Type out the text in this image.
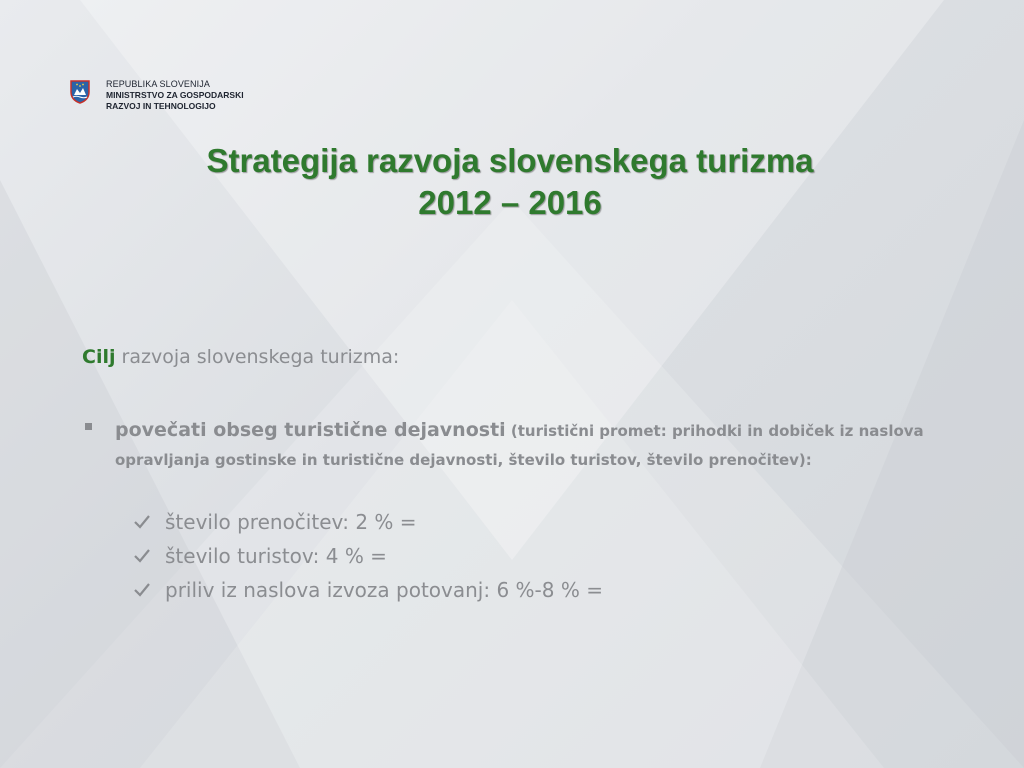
REPUBLIKA SLOVENIJA
MINISTRSTVO ZA GOSPODARSKI
RAZVOJ IN TEHNOLOGIJO
Strategija razvoja slovenskega turizma
2012 – 2016
Cilj razvoja slovenskega turizma:
povečati obseg turistične dejavnosti (turistični promet: prihodki in dobiček iz naslova opravljanja gostinske in turistične dejavnosti, število turistov, število prenočitev):
število prenočitev: 2 % =
število turistov: 4 % =
priliv iz naslova izvoza potovanj: 6 %-8 % =
